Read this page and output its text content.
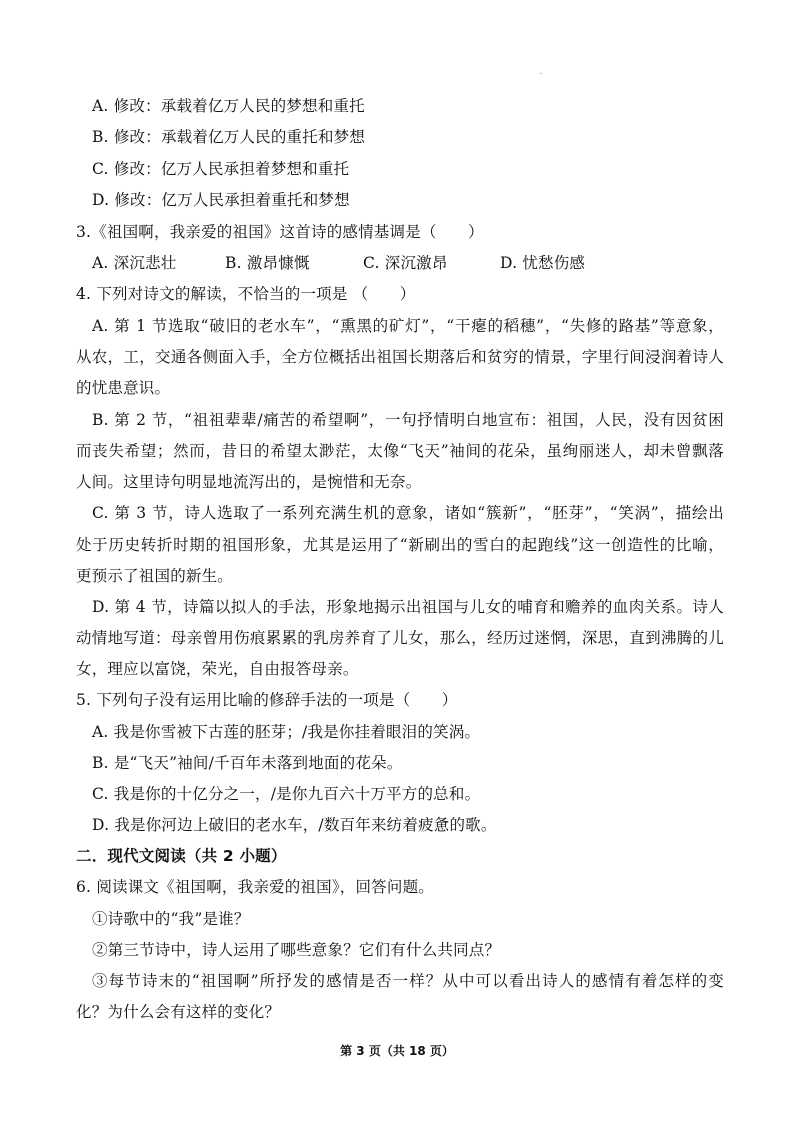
A. 修改：承载着亿万人民的梦想和重托
B. 修改：承载着亿万人民的重托和梦想
C. 修改：亿万人民承担着梦想和重托
D. 修改：亿万人民承担着重托和梦想
3.《祖国啊，我亲爱的祖国》这首诗的感情基调是（　　）
A. 深沉悲壮	B. 激昂慷慨	C. 深沉激昂	D. 忧愁伤感
4. 下列对诗文的解读，不恰当的一项是 （　　）
A. 第 1 节选取“破旧的老水车”，“熏黑的矿灯”，“干瘪的稻穗”，“失修的路基”等意象，
从农，工，交通各侧面入手，全方位概括出祖国长期落后和贫穷的情景，字里行间浸润着诗人
的忧患意识。
B. 第 2 节，“祖祖辈辈/痛苦的希望啊”，一句抒情明白地宣布：祖国，人民，没有因贫困
而丧失希望；然而，昔日的希望太渺茫，太像“飞天”袖间的花朵，虽绚丽迷人，却未曾飘落
人间。这里诗句明显地流泻出的，是惋惜和无奈。
C. 第 3 节，诗人选取了一系列充满生机的意象，诸如“簇新”，“胚芽”，“笑涡”，描绘出
处于历史转折时期的祖国形象，尤其是运用了“新刷出的雪白的起跑线”这一创造性的比喻，
更预示了祖国的新生。
D. 第 4 节，诗篇以拟人的手法，形象地揭示出祖国与儿女的哺育和赡养的血肉关系。诗人
动情地写道：母亲曾用伤痕累累的乳房养育了儿女，那么，经历过迷惘，深思，直到沸腾的儿
女，理应以富饶，荣光，自由报答母亲。
5. 下列句子没有运用比喻的修辞手法的一项是（　　）
A. 我是你雪被下古莲的胚芽；/我是你挂着眼泪的笑涡。
B. 是“飞天”袖间/千百年未落到地面的花朵。
C. 我是你的十亿分之一，/是你九百六十万平方的总和。
D. 我是你河边上破旧的老水车，/数百年来纺着疲惫的歌。
二．现代文阅读（共 2 小题）
6. 阅读课文《祖国啊，我亲爱的祖国》，回答问题。
①诗歌中的“我”是谁？
②第三节诗中，诗人运用了哪些意象？它们有什么共同点？
③每节诗末的“祖国啊”所抒发的感情是否一样？从中可以看出诗人的感情有着怎样的变
化？为什么会有这样的变化？
第 3 页（共 18 页）
